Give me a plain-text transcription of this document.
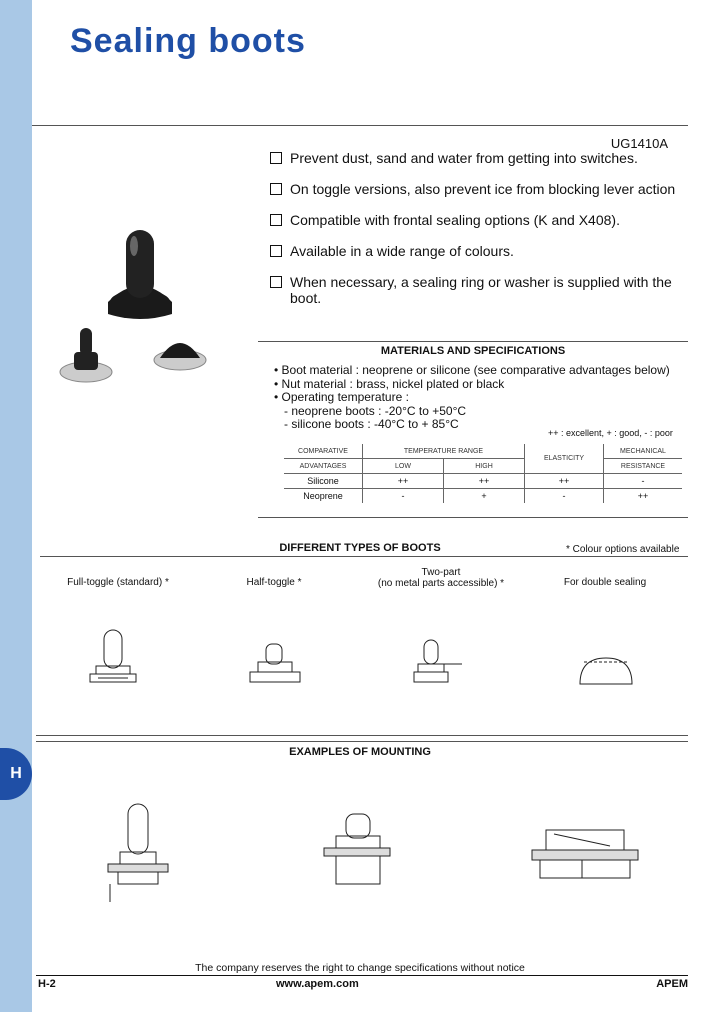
H
Sealing boots
UG1410A
Prevent dust, sand and water from getting into switches.
On toggle versions, also prevent ice from blocking lever action
Compatible with frontal sealing options (K and X408).
Available in a wide range of colours.
When necessary, a sealing ring or washer is supplied with the boot.
MATERIALS AND SPECIFICATIONS
• Boot material : neoprene or silicone (see comparative advantages below)
• Nut material : brass, nickel plated or black
• Operating temperature :
- neoprene boots : -20°C to +50°C
- silicone boots : -40°C to + 85°C
++ : excellent, + : good, - : poor
COMPARATIVE	TEMPERATURE RANGE		ELASTICITY	MECHANICAL
ADVANTAGES	LOW	HIGH		RESISTANCE
Silicone	++	++	++	-
Neoprene	-	+	-	++
DIFFERENT TYPES OF BOOTS	* Colour options available
Full-toggle (standard) *	Half-toggle *
Two-part
(no metal parts accessible) *	For double sealing
EXAMPLES OF MOUNTING
The company reserves the right to change specifications without notice
H-2	www.apem.com	APEM
